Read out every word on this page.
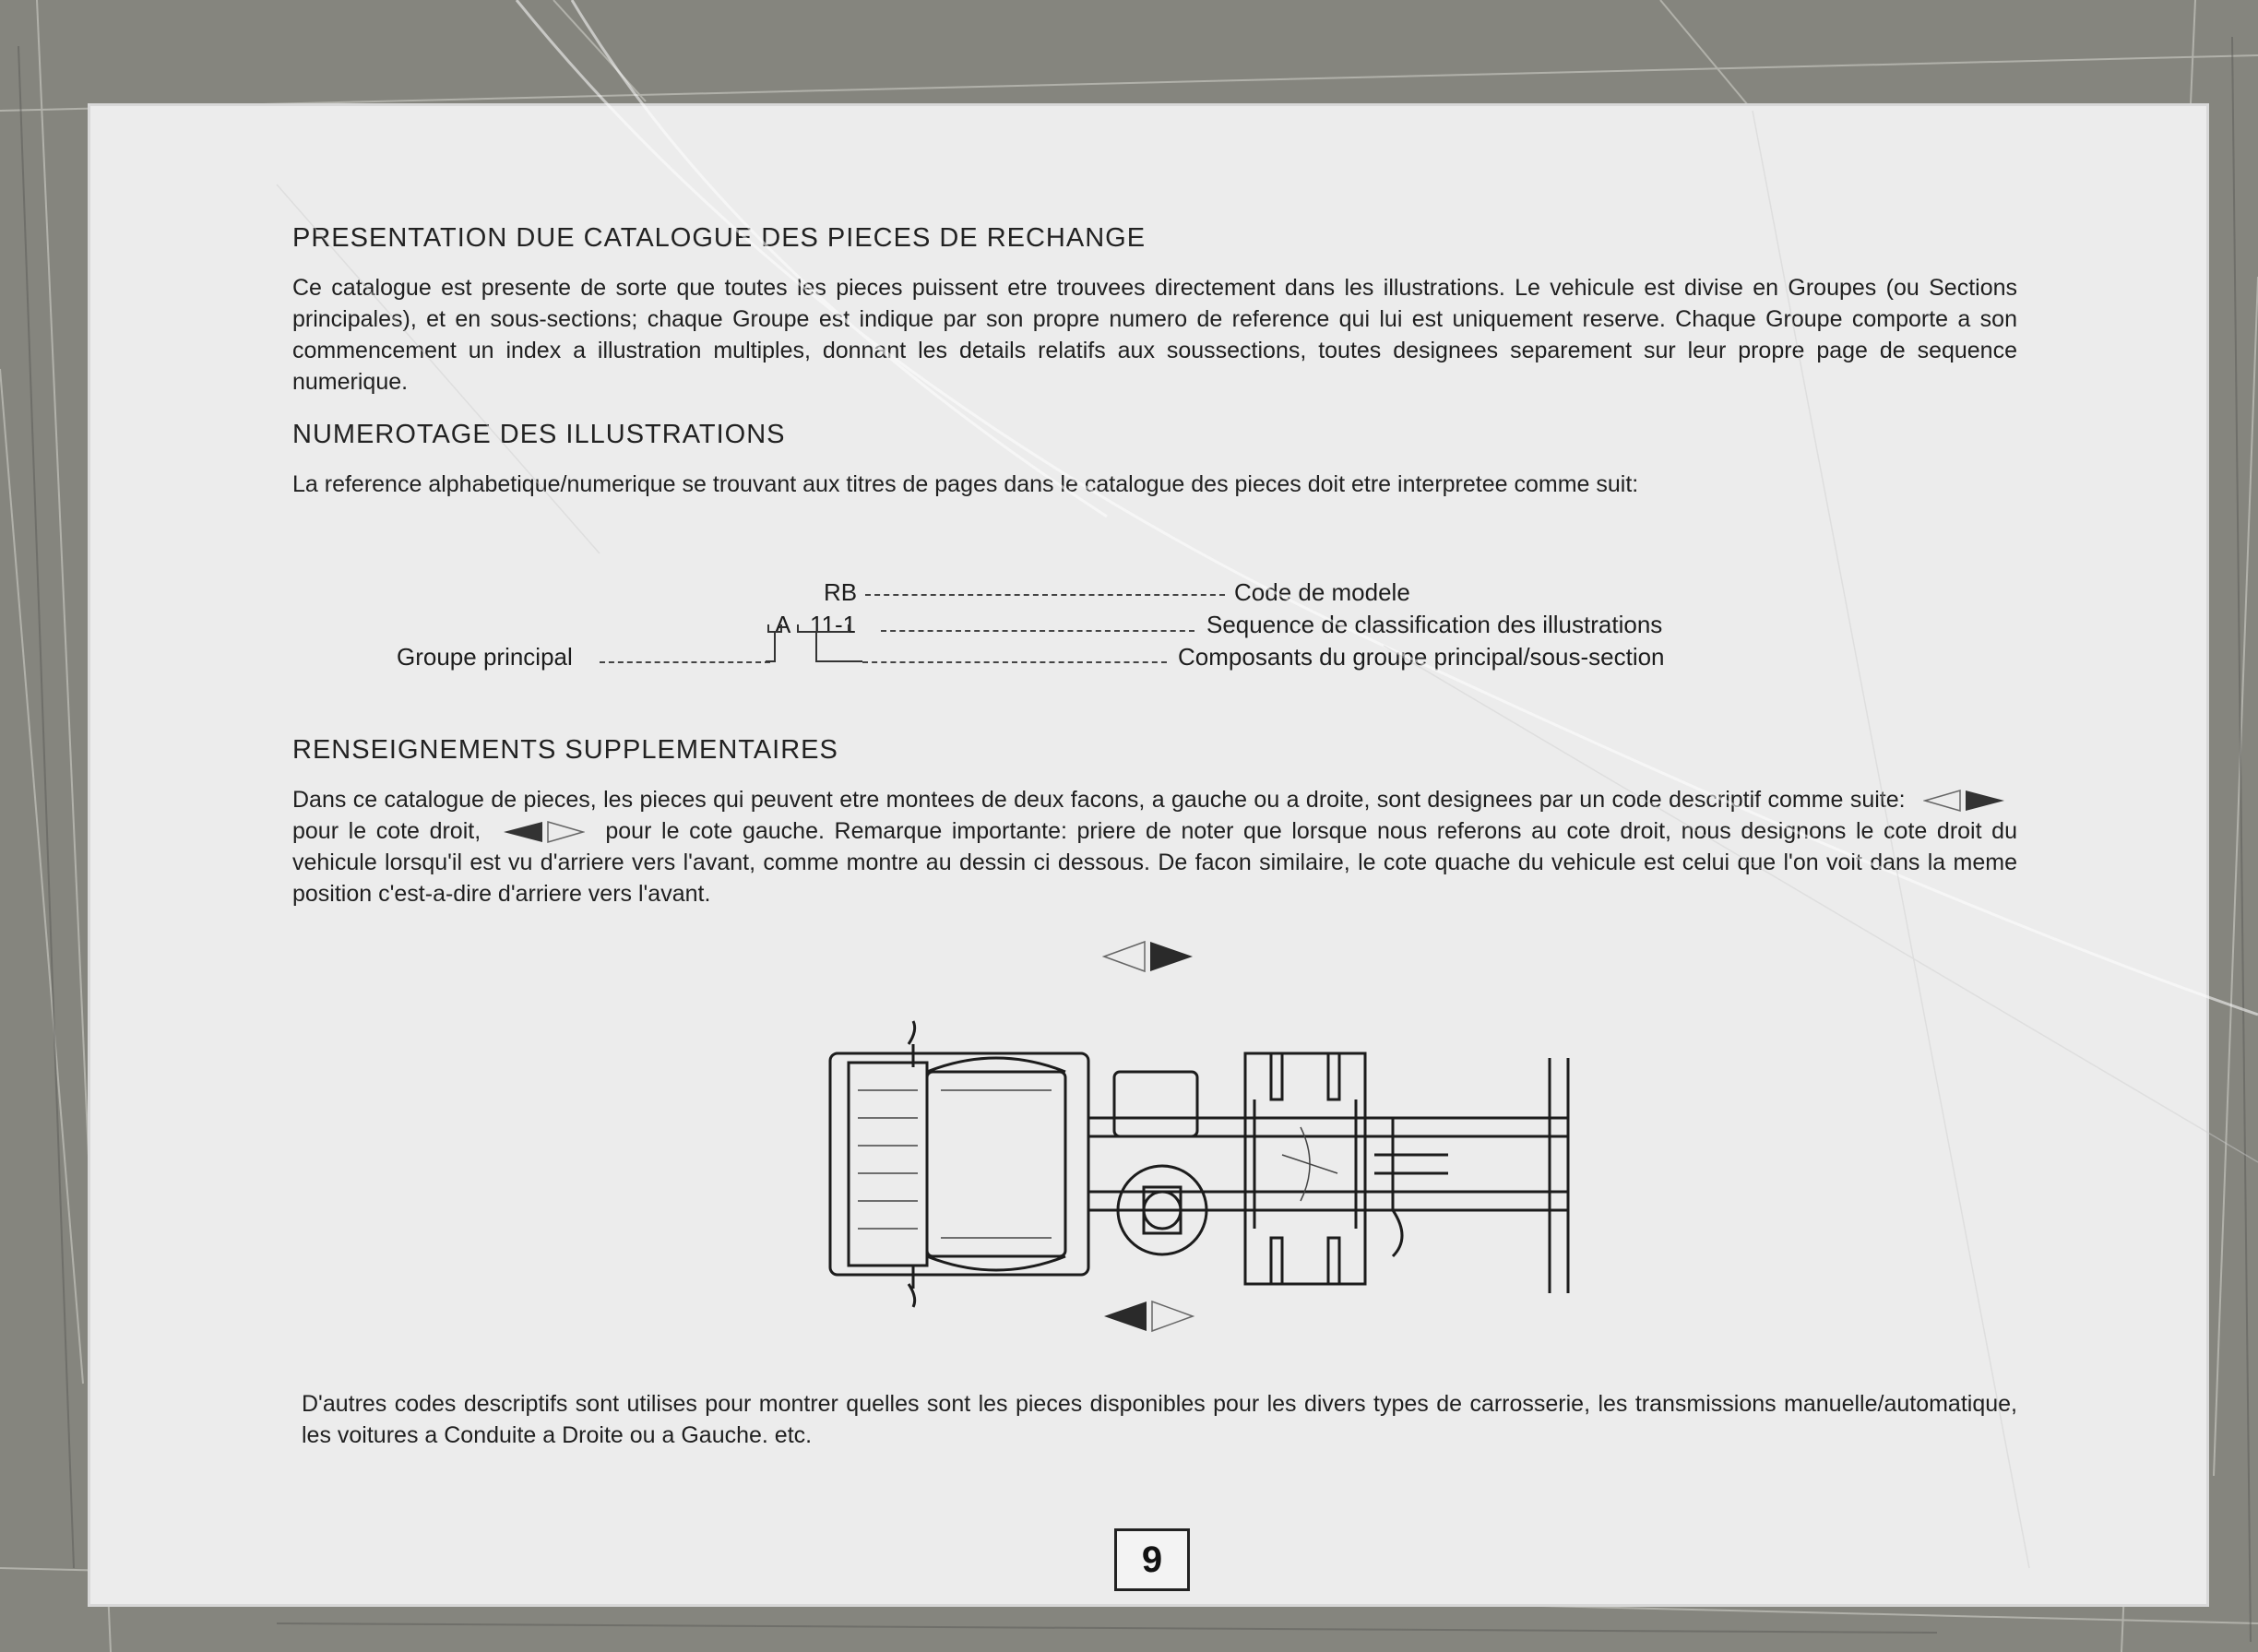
PRESENTATION DUE CATALOGUE DES PIECES DE RECHANGE

Ce catalogue est presente de sorte que toutes les pieces puissent etre trouvees directement dans les illustrations. Le vehicule est divise en Groupes (ou Sections principales), et en sous-sections; chaque Groupe est indique par son propre numero de reference qui lui est uniquement reserve. Chaque Groupe comporte a son commencement un index a illustration multiples, donnant les details relatifs aux soussections, toutes designees separement sur leur propre page de sequence numerique.

NUMEROTAGE DES ILLUSTRATIONS

La reference alphabetique/numerique se trouvant aux titres de pages dans le catalogue des pieces doit etre interpretee comme suit:

RB	Code de modele
A 11-1	Sequence de classification des illustrations
Groupe principal	Composants du groupe principal/sous-section
RENSEIGNEMENTS SUPPLEMENTAIRES

Dans ce catalogue de pieces, les pieces qui peuvent etre montees de deux facons, a gauche ou a droite, sont designees par un code descriptif comme suite:  pour le cote droit,	pour le cote gauche. Remarque importante: priere de noter que lorsque nous referons au cote droit, nous designons le cote droit du vehicule lorsqu'il est vu d'arriere vers l'avant, comme montre au dessin ci dessous. De facon similaire, le cote quache du vehicule est celui que l'on voit dans la meme position c'est-a-dire d'arriere vers l'avant.

D'autres codes descriptifs sont utilises pour montrer quelles sont les pieces disponibles pour les divers types de carrosserie, les transmissions manuelle/automatique, les voitures a Conduite a Droite ou a Gauche. etc.

9
